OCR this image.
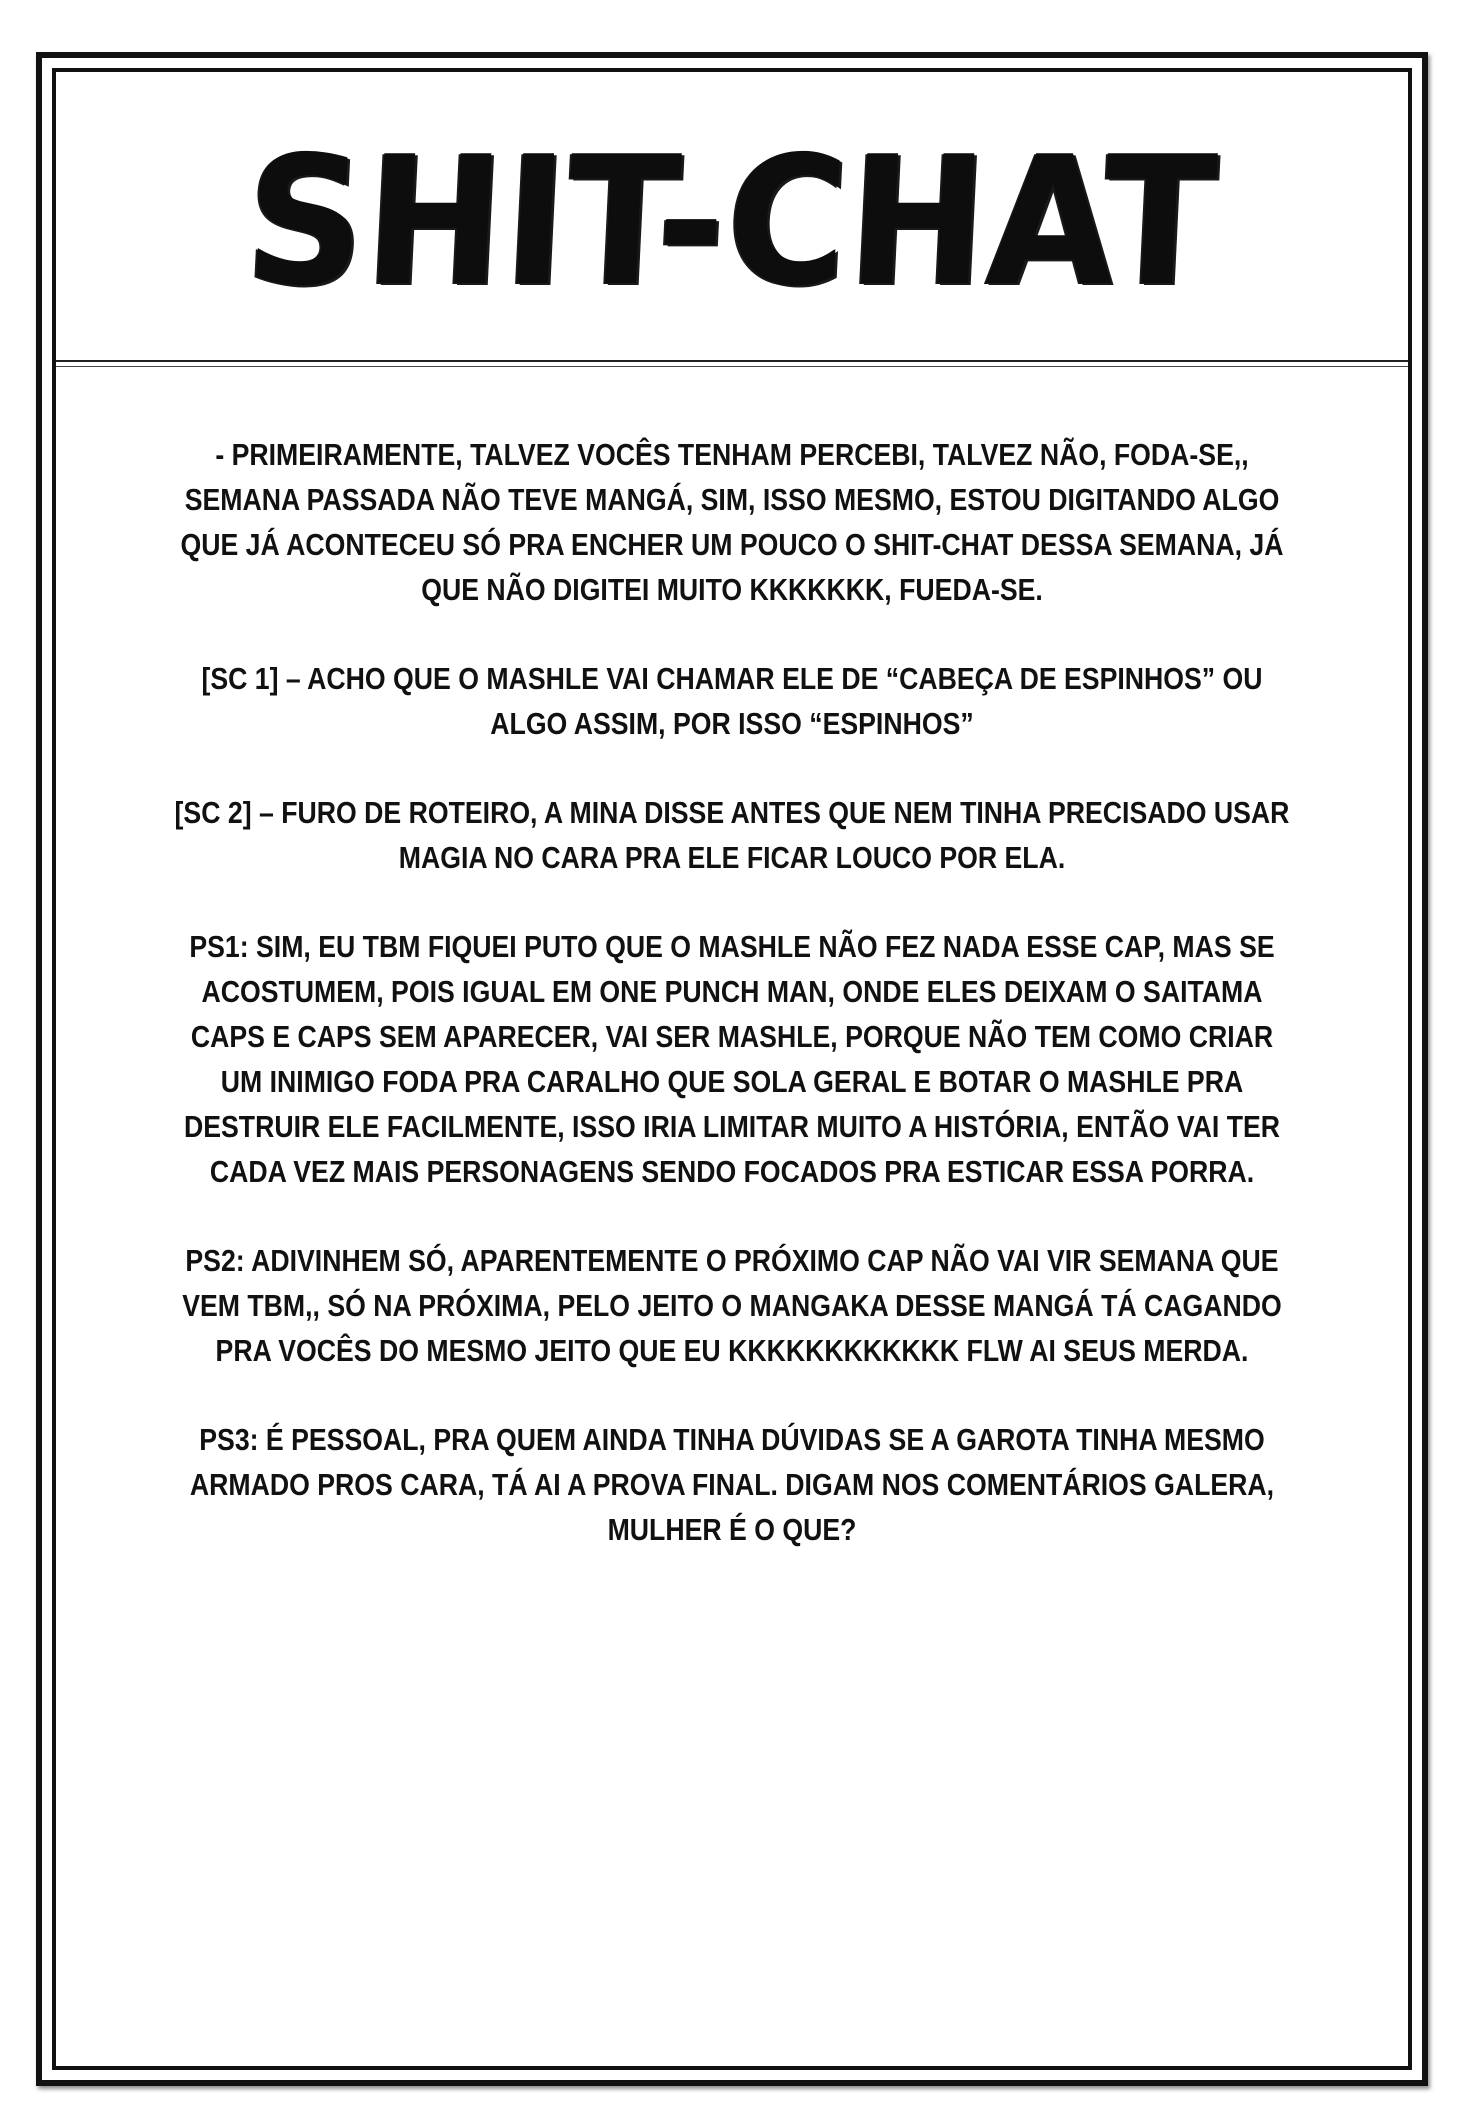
SHIT-CHAT

- PRIMEIRAMENTE, TALVEZ VOCÊS TENHAM PERCEBI, TALVEZ NÃO, FODA-SE,, SEMANA PASSADA NÃO TEVE MANGÁ, SIM, ISSO MESMO, ESTOU DIGITANDO ALGO QUE JÁ ACONTECEU SÓ PRA ENCHER UM POUCO O SHIT-CHAT DESSA SEMANA, JÁ QUE NÃO DIGITEI MUITO KKKKKKK, FUEDA-SE.

[SC 1] – ACHO QUE O MASHLE VAI CHAMAR ELE DE “CABEÇA DE ESPINHOS” OU ALGO ASSIM, POR ISSO “ESPINHOS”

[SC 2] – FURO DE ROTEIRO, A MINA DISSE ANTES QUE NEM TINHA PRECISADO USAR MAGIA NO CARA PRA ELE FICAR LOUCO POR ELA.

PS1: SIM, EU TBM FIQUEI PUTO QUE O MASHLE NÃO FEZ NADA ESSE CAP, MAS SE ACOSTUMEM, POIS IGUAL EM ONE PUNCH MAN, ONDE ELES DEIXAM O SAITAMA CAPS E CAPS SEM APARECER, VAI SER MASHLE, PORQUE NÃO TEM COMO CRIAR UM INIMIGO FODA PRA CARALHO QUE SOLA GERAL E BOTAR O MASHLE PRA DESTRUIR ELE FACILMENTE, ISSO IRIA LIMITAR MUITO A HISTÓRIA, ENTÃO VAI TER CADA VEZ MAIS PERSONAGENS SENDO FOCADOS PRA ESTICAR ESSA PORRA.

PS2: ADIVINHEM SÓ, APARENTEMENTE O PRÓXIMO CAP NÃO VAI VIR SEMANA QUE VEM TBM,, SÓ NA PRÓXIMA, PELO JEITO O MANGAKA DESSE MANGÁ TÁ CAGANDO PRA VOCÊS DO MESMO JEITO QUE EU KKKKKKKKKKKK FLW AI SEUS MERDA.

PS3: É PESSOAL, PRA QUEM AINDA TINHA DÚVIDAS SE A GAROTA TINHA MESMO ARMADO PROS CARA, TÁ AI A PROVA FINAL. DIGAM NOS COMENTÁRIOS GALERA, MULHER É O QUE?
